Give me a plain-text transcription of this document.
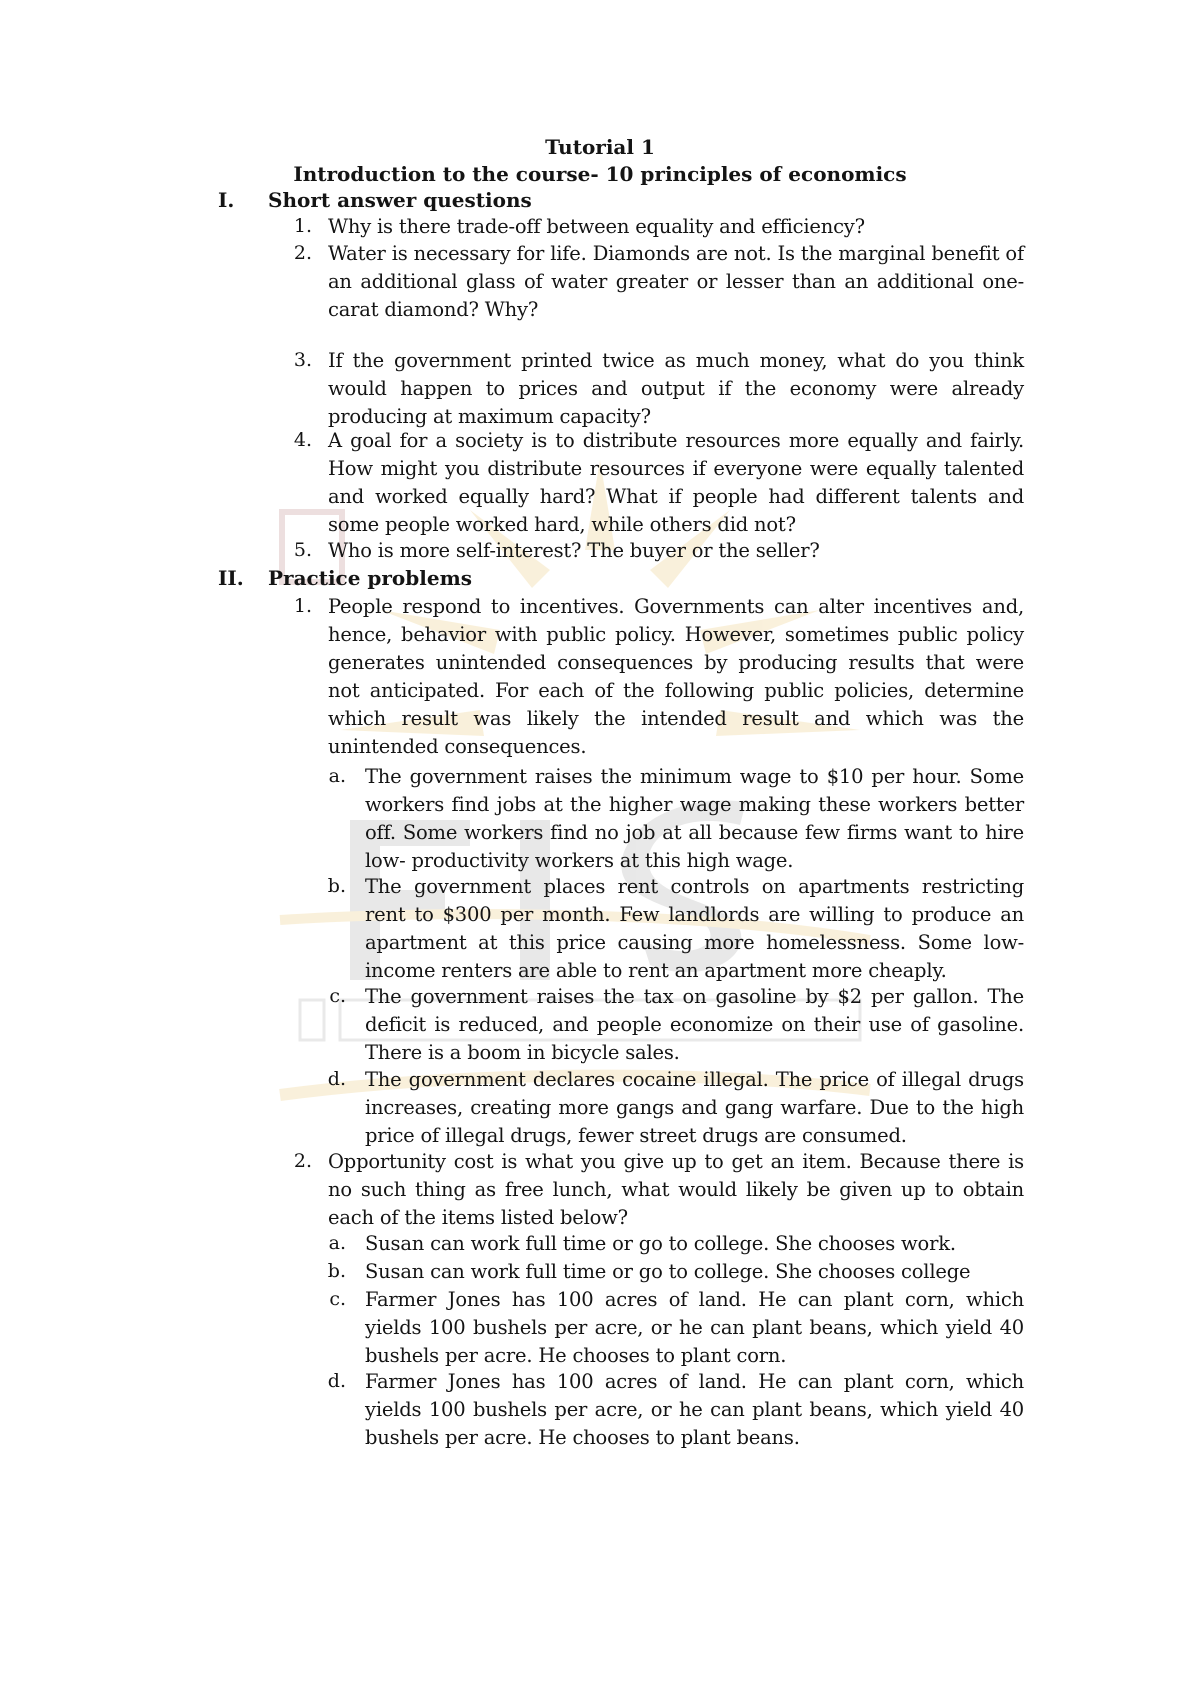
Tutorial 1
Introduction to the course- 10 principles of economics
I. Short answer questions
1. Why is there trade-off between equality and efficiency?
2. Water is necessary for life. Diamonds are not. Is the marginal benefit of an additional glass of water greater or lesser than an additional one-carat diamond? Why?
3. If the government printed twice as much money, what do you think would happen to prices and output if the economy were already producing at maximum capacity?
4. A goal for a society is to distribute resources more equally and fairly. How might you distribute resources if everyone were equally talented and worked equally hard? What if people had different talents and some people worked hard, while others did not?
5. Who is more self-interest? The buyer or the seller?
II. Practice problems
1. People respond to incentives. Governments can alter incentives and, hence, behavior with public policy. However, sometimes public policy generates unintended consequences by producing results that were not anticipated. For each of the following public policies, determine which result was likely the intended result and which was the unintended consequences.
a. The government raises the minimum wage to $10 per hour. Some workers find jobs at the higher wage making these workers better off. Some workers find no job at all because few firms want to hire low- productivity workers at this high wage.
b. The government places rent controls on apartments restricting rent to $300 per month. Few landlords are willing to produce an apartment at this price causing more homelessness. Some low-income renters are able to rent an apartment more cheaply.
c. The government raises the tax on gasoline by $2 per gallon. The deficit is reduced, and people economize on their use of gasoline. There is a boom in bicycle sales.
d. The government declares cocaine illegal. The price of illegal drugs increases, creating more gangs and gang warfare. Due to the high price of illegal drugs, fewer street drugs are consumed.
2. Opportunity cost is what you give up to get an item. Because there is no such thing as free lunch, what would likely be given up to obtain each of the items listed below?
a. Susan can work full time or go to college. She chooses work.
b. Susan can work full time or go to college. She chooses college
c. Farmer Jones has 100 acres of land. He can plant corn, which yields 100 bushels per acre, or he can plant beans, which yield 40 bushels per acre. He chooses to plant corn.
d. Farmer Jones has 100 acres of land. He can plant corn, which yields 100 bushels per acre, or he can plant beans, which yield 40 bushels per acre. He chooses to plant beans.
